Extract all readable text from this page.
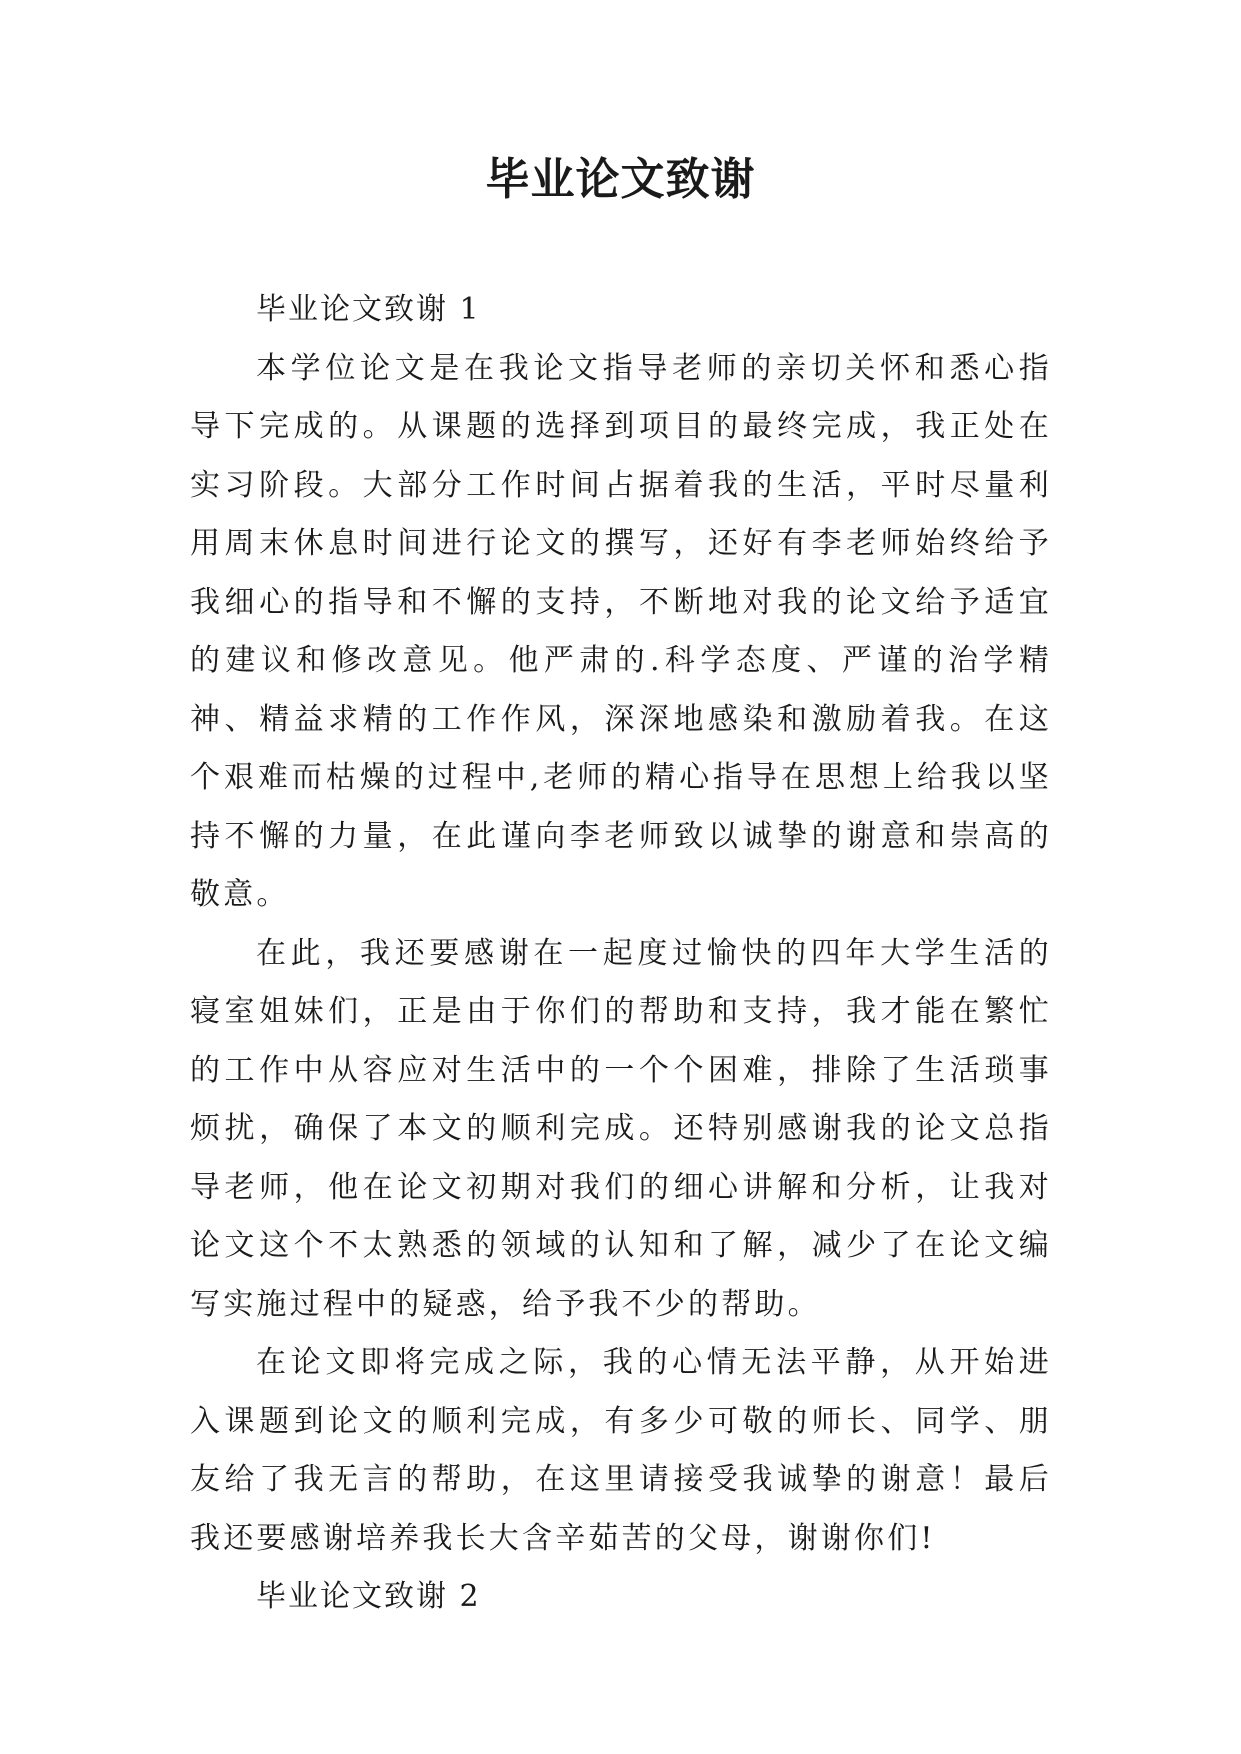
毕业论文致谢

毕业论文致谢 1

本学位论文是在我论文指导老师的亲切关怀和悉心指导下完成的。从课题的选择到项目的最终完成，我正处在实习阶段。大部分工作时间占据着我的生活，平时尽量利用周末休息时间进行论文的撰写，还好有李老师始终给予我细心的指导和不懈的支持，不断地对我的论文给予适宜的建议和修改意见。他严肃的.科学态度、严谨的治学精神、精益求精的工作作风，深深地感染和激励着我。在这个艰难而枯燥的过程中,老师的精心指导在思想上给我以坚持不懈的力量，在此谨向李老师致以诚挚的谢意和崇高的敬意。

在此，我还要感谢在一起度过愉快的四年大学生活的寝室姐妹们，正是由于你们的帮助和支持，我才能在繁忙的工作中从容应对生活中的一个个困难，排除了生活琐事烦扰，确保了本文的顺利完成。还特别感谢我的论文总指导老师，他在论文初期对我们的细心讲解和分析，让我对论文这个不太熟悉的领域的认知和了解，减少了在论文编写实施过程中的疑惑，给予我不少的帮助。

在论文即将完成之际，我的心情无法平静，从开始进入课题到论文的顺利完成，有多少可敬的师长、同学、朋友给了我无言的帮助，在这里请接受我诚挚的谢意！最后我还要感谢培养我长大含辛茹苦的父母，谢谢你们!

毕业论文致谢 2
